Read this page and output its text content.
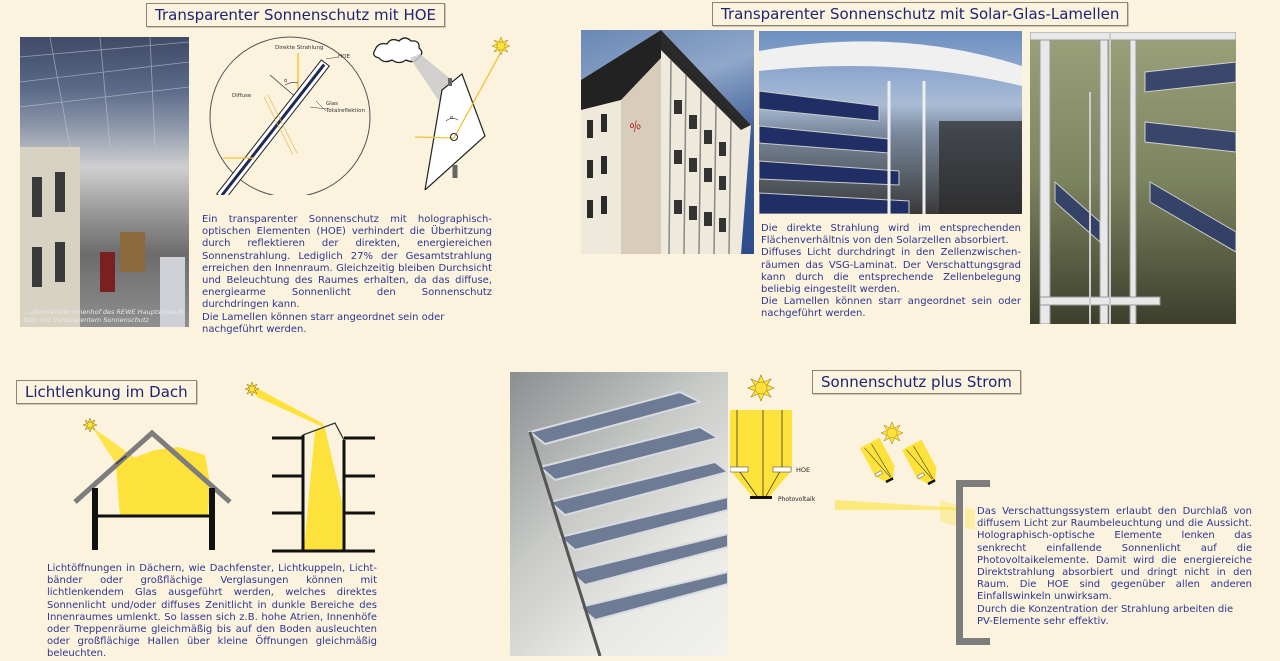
Transparenter Sonnenschutz mit HOE
...überdachter Innenhof des REWE Hauptsitzes in Köln mit transparentem Sonnenschutz
Direkte Strahlung
HOE
Diffuse
Glas
Totalreflektion
α
α

Ein transparenter Sonnenschutz mit holographisch-optischen Elementen (HOE) verhindert die Überhitzung durch reflektieren der direkten, energiereichen Sonnenstrahlung. Lediglich 27% der Gesamtstrahlung erreichen den Innenraum. Gleichzeitig bleiben Durchsicht und Beleuchtung des Raumes erhalten, da das diffuse, energiearme Sonnenlicht den Sonnenschutz durchdringen kann.

Die Lamellen können starr angeordnet sein oder nachgeführt werden.

Transparenter Sonnenschutz mit Solar-Glas-Lamellen
%

Die direkte Strahlung wird im entsprechenden Flächenverhältnis von den Solarzellen absorbiert.

Diffuses Licht durchdringt in den Zellenzwischen-räumen das VSG-Laminat. Der Verschattungsgrad kann durch die entsprechende Zellenbelegung beliebig eingestellt werden.

Die Lamellen können starr angeordnet sein oder nachgeführt werden.

Lichtlenkung im Dach

Lichtöffnungen in Dächern, wie Dachfenster, Lichtkuppeln, Licht-bänder oder großflächige Verglasungen können mit lichtlenkendem Glas ausgeführt werden, welches direktes Sonnenlicht und/oder diffuses Zenitlicht in dunkle Bereiche des Innenraumes umlenkt. So lassen sich z.B. hohe Atrien, Innenhöfe oder Treppenräume gleichmäßig bis auf den Boden ausleuchten oder großflächige Hallen über kleine Öffnungen gleichmäßig beleuchten.

Sonnenschutz plus Strom
HOE
Photovoltaik

Das Verschattungssystem erlaubt den Durchlaß von diffusem Licht zur Raumbeleuchtung und die Aussicht. Holographisch-optische Elemente lenken das senkrecht einfallende Sonnenlicht auf die Photovoltaikelemente. Damit wird die energiereiche Direktstrahlung absorbiert und dringt nicht in den Raum. Die HOE sind gegenüber allen anderen Einfallswinkeln unwirksam.

Durch die Konzentration der Strahlung arbeiten die PV-Elemente sehr effektiv.
